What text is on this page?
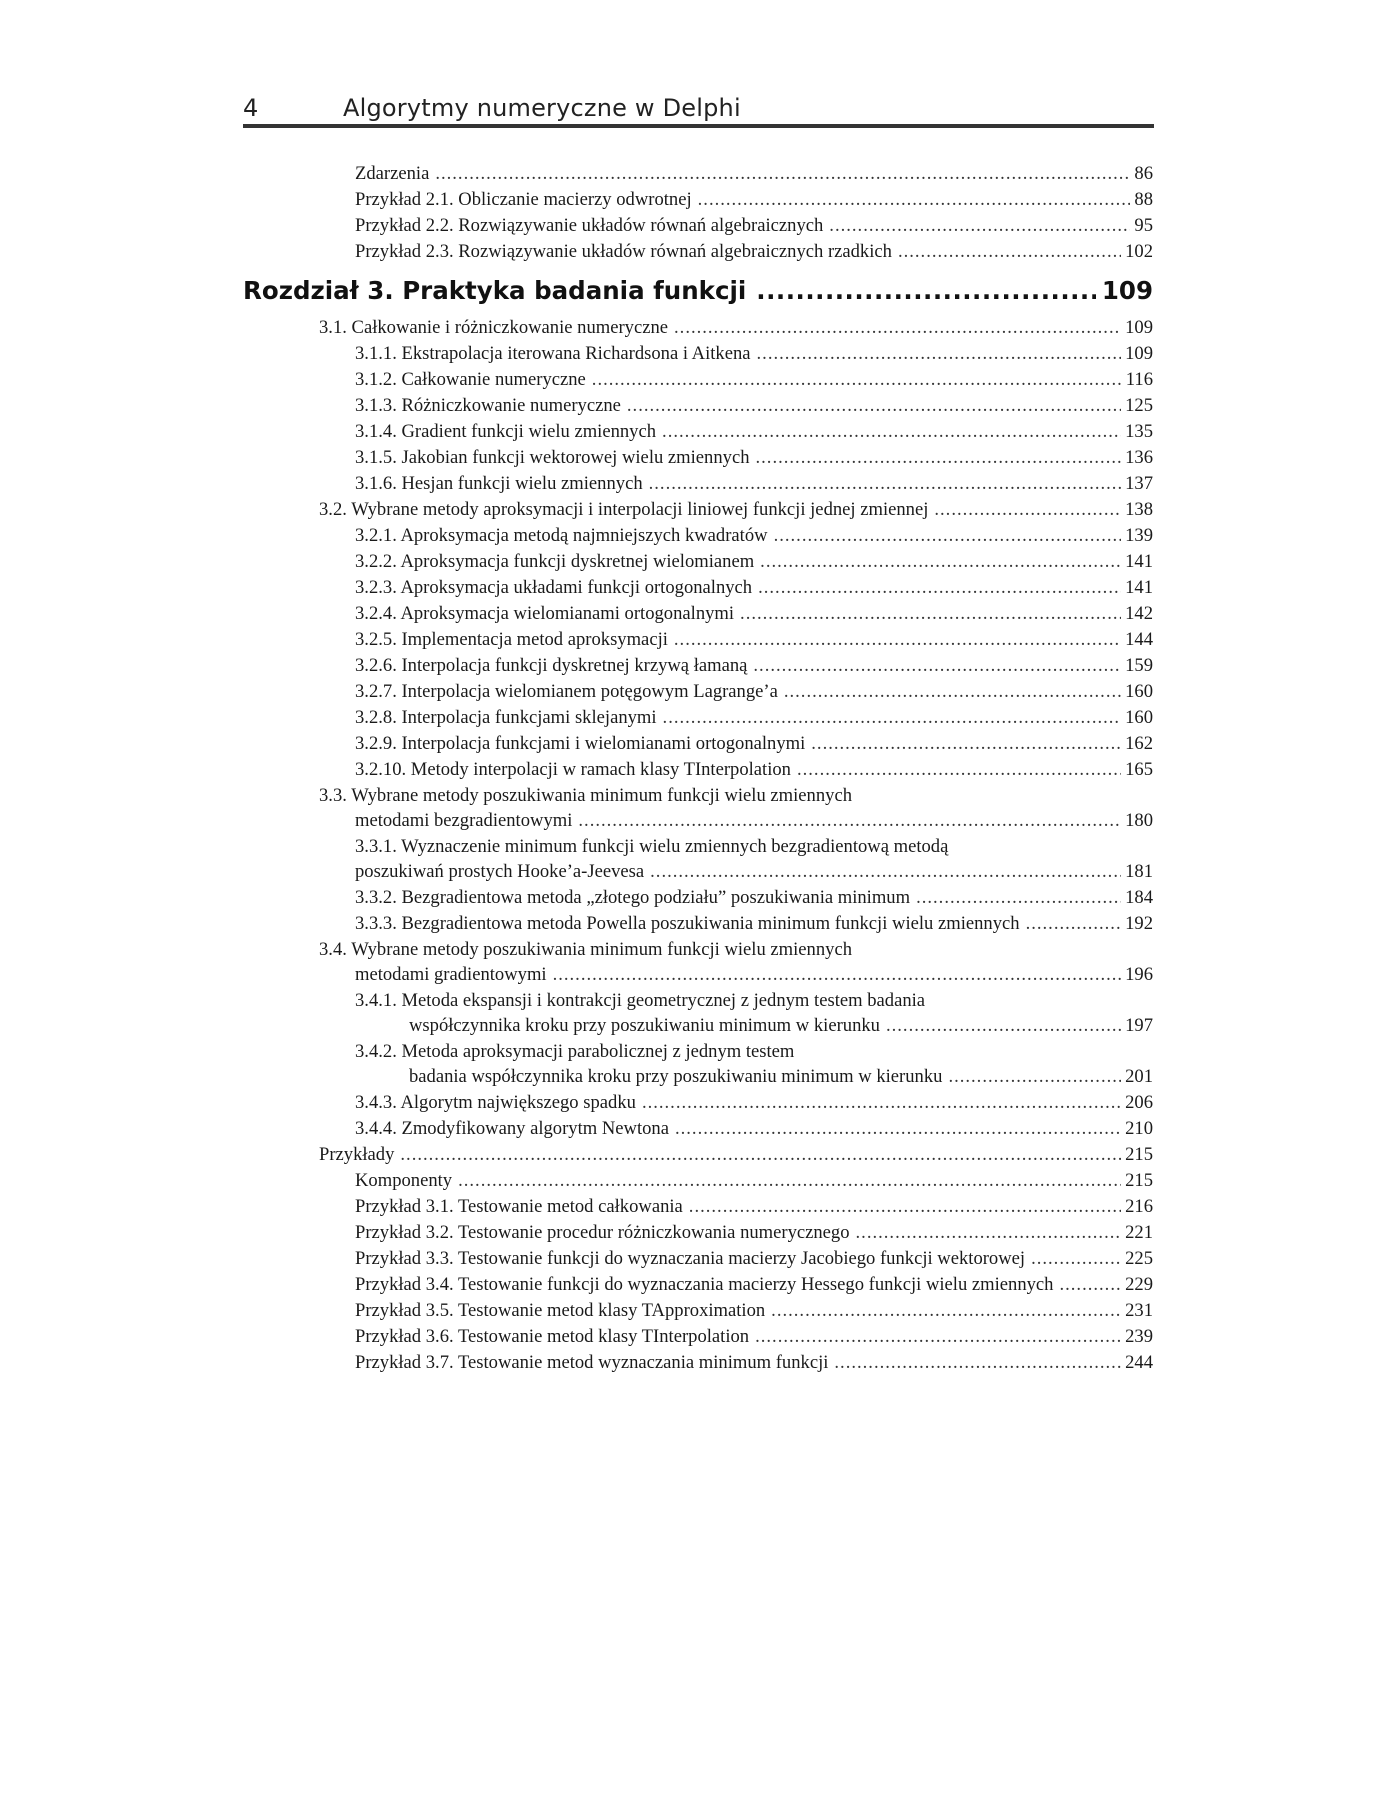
4	Algorytmy numeryczne w Delphi
Zdarzenia .....	86
Przykład 2.1. Obliczanie macierzy odwrotnej .....	88
Przykład 2.2. Rozwiązywanie układów równań algebraicznych .....	95
Przykład 2.3. Rozwiązywanie układów równań algebraicznych rzadkich .....	102
Rozdział 3. Praktyka badania funkcji .....	109
3.1. Całkowanie i różniczkowanie numeryczne .....	109
3.1.1. Ekstrapolacja iterowana Richardsona i Aitkena .....	109
3.1.2. Całkowanie numeryczne .....	116
3.1.3. Różniczkowanie numeryczne .....	125
3.1.4. Gradient funkcji wielu zmiennych .....	135
3.1.5. Jakobian funkcji wektorowej wielu zmiennych .....	136
3.1.6. Hesjan funkcji wielu zmiennych .....	137
3.2. Wybrane metody aproksymacji i interpolacji liniowej funkcji jednej zmiennej .....	138
3.2.1. Aproksymacja metodą najmniejszych kwadratów .....	139
3.2.2. Aproksymacja funkcji dyskretnej wielomianem .....	141
3.2.3. Aproksymacja układami funkcji ortogonalnych .....	141
3.2.4. Aproksymacja wielomianami ortogonalnymi .....	142
3.2.5. Implementacja metod aproksymacji .....	144
3.2.6. Interpolacja funkcji dyskretnej krzywą łamaną .....	159
3.2.7. Interpolacja wielomianem potęgowym Lagrange’a .....	160
3.2.8. Interpolacja funkcjami sklejanymi .....	160
3.2.9. Interpolacja funkcjami i wielomianami ortogonalnymi .....	162
3.2.10. Metody interpolacji w ramach klasy TInterpolation .....	165
3.3. Wybrane metody poszukiwania minimum funkcji wielu zmiennych
metodami bezgradientowymi .....	180
3.3.1. Wyznaczenie minimum funkcji wielu zmiennych bezgradientową metodą
poszukiwań prostych Hooke’a-Jeevesa .....	181
3.3.2. Bezgradientowa metoda „złotego podziału” poszukiwania minimum .....	184
3.3.3. Bezgradientowa metoda Powella poszukiwania minimum funkcji wielu zmiennych .....	192
3.4. Wybrane metody poszukiwania minimum funkcji wielu zmiennych
metodami gradientowymi .....	196
3.4.1. Metoda ekspansji i kontrakcji geometrycznej z jednym testem badania
współczynnika kroku przy poszukiwaniu minimum w kierunku .....	197
3.4.2. Metoda aproksymacji parabolicznej z jednym testem
badania współczynnika kroku przy poszukiwaniu minimum w kierunku .....	201
3.4.3. Algorytm największego spadku .....	206
3.4.4. Zmodyfikowany algorytm Newtona .....	210
Przykłady .....	215
Komponenty .....	215
Przykład 3.1. Testowanie metod całkowania .....	216
Przykład 3.2. Testowanie procedur różniczkowania numerycznego .....	221
Przykład 3.3. Testowanie funkcji do wyznaczania macierzy Jacobiego funkcji wektorowej .....	225
Przykład 3.4. Testowanie funkcji do wyznaczania macierzy Hessego funkcji wielu zmiennych .....	229
Przykład 3.5. Testowanie metod klasy TApproximation .....	231
Przykład 3.6. Testowanie metod klasy TInterpolation .....	239
Przykład 3.7. Testowanie metod wyznaczania minimum funkcji .....	244
